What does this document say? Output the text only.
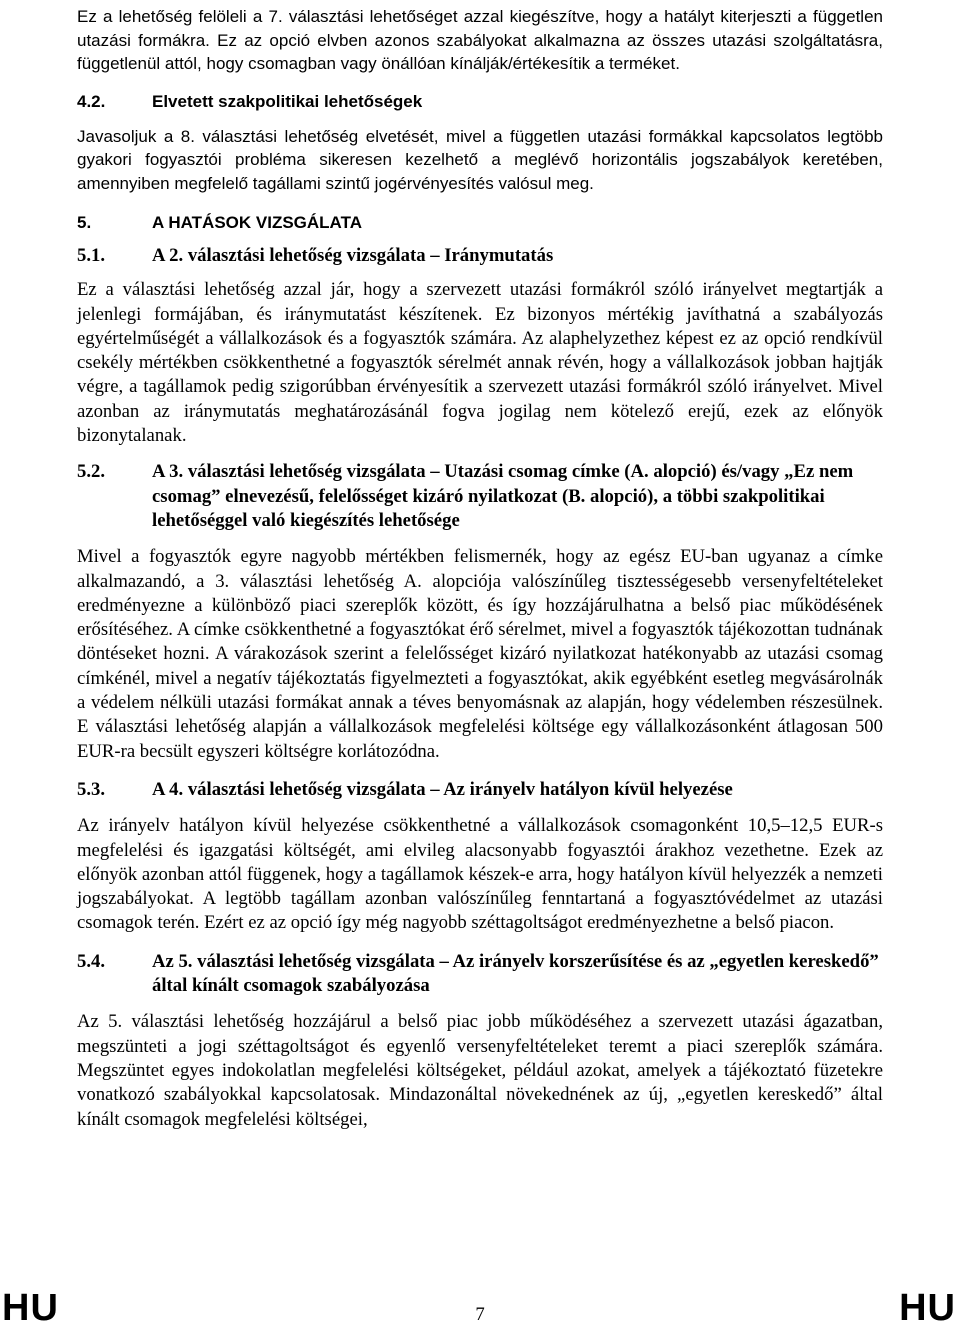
Ez a lehetőség felöleli a 7. választási lehetőséget azzal kiegészítve, hogy a hatályt kiterjeszti a független utazási formákra. Ez az opció elvben azonos szabályokat alkalmazna az összes utazási szolgáltatásra, függetlenül attól, hogy csomagban vagy önállóan kínálják/értékesítik a terméket.

4.2.	Elvetett szakpolitikai lehetőségek

Javasoljuk a 8. választási lehetőség elvetését, mivel a független utazási formákkal kapcsolatos legtöbb gyakori fogyasztói probléma sikeresen kezelhető a meglévő horizontális jogszabályok keretében, amennyiben megfelelő tagállami szintű jogérvényesítés valósul meg.

5.	A HATÁSOK VIZSGÁLATA
5.1.	A 2. választási lehetőség vizsgálata – Iránymutatás

Ez a választási lehetőség azzal jár, hogy a szervezett utazási formákról szóló irányelvet megtartják a jelenlegi formájában, és iránymutatást készítenek. Ez bizonyos mértékig javíthatná a szabályozás egyértelműségét a vállalkozások és a fogyasztók számára. Az alaphelyzethez képest ez az opció rendkívül csekély mértékben csökkenthetné a fogyasztók sérelmét annak révén, hogy a vállalkozások jobban hajtják végre, a tagállamok pedig szigorúbban érvényesítik a szervezett utazási formákról szóló irányelvet. Mivel azonban az iránymutatás meghatározásánál fogva jogilag nem kötelező erejű, ezek az előnyök bizonytalanak.

5.2.	A 3. választási lehetőség vizsgálata – Utazási csomag címke (A. alopció) és/vagy „Ez nem csomag” elnevezésű, felelősséget kizáró nyilatkozat (B. alopció), a többi szakpolitikai lehetőséggel való kiegészítés lehetősége

Mivel a fogyasztók egyre nagyobb mértékben felismernék, hogy az egész EU-ban ugyanaz a címke alkalmazandó, a 3. választási lehetőség A. alopciója valószínűleg tisztességesebb versenyfeltételeket eredményezne a különböző piaci szereplők között, és így hozzájárulhatna a belső piac működésének erősítéséhez. A címke csökkenthetné a fogyasztókat érő sérelmet, mivel a fogyasztók tájékozottan tudnának döntéseket hozni. A várakozások szerint a felelősséget kizáró nyilatkozat hatékonyabb az utazási csomag címkénél, mivel a negatív tájékoztatás figyelmezteti a fogyasztókat, akik egyébként esetleg megvásárolnák a védelem nélküli utazási formákat annak a téves benyomásnak az alapján, hogy védelemben részesülnek. E választási lehetőség alapján a vállalkozások megfelelési költsége egy vállalkozásonként átlagosan 500 EUR-ra becsült egyszeri költségre korlátozódna.

5.3.	A 4. választási lehetőség vizsgálata – Az irányelv hatályon kívül helyezése

Az irányelv hatályon kívül helyezése csökkenthetné a vállalkozások csomagonként 10,5–12,5 EUR-s megfelelési és igazgatási költségét, ami elvileg alacsonyabb fogyasztói árakhoz vezethetne. Ezek az előnyök azonban attól függenek, hogy a tagállamok készek-e arra, hogy hatályon kívül helyezzék a nemzeti jogszabályokat. A legtöbb tagállam azonban valószínűleg fenntartaná a fogyasztóvédelmet az utazási csomagok terén. Ezért ez az opció így még nagyobb széttagoltságot eredményezhetne a belső piacon.

5.4.	Az 5. választási lehetőség vizsgálata – Az irányelv korszerűsítése és az „egyetlen kereskedő” által kínált csomagok szabályozása

Az 5. választási lehetőség hozzájárul a belső piac jobb működéséhez a szervezett utazási ágazatban, megszünteti a jogi széttagoltságot és egyenlő versenyfeltételeket teremt a piaci szereplők számára. Megszüntet egyes indokolatlan megfelelési költségeket, például azokat, amelyek a tájékoztató füzetekre vonatkozó szabályokkal kapcsolatosak. Mindazonáltal növekednének az új, „egyetlen kereskedő” által kínált csomagok megfelelési költségei,

HU	7	HU
